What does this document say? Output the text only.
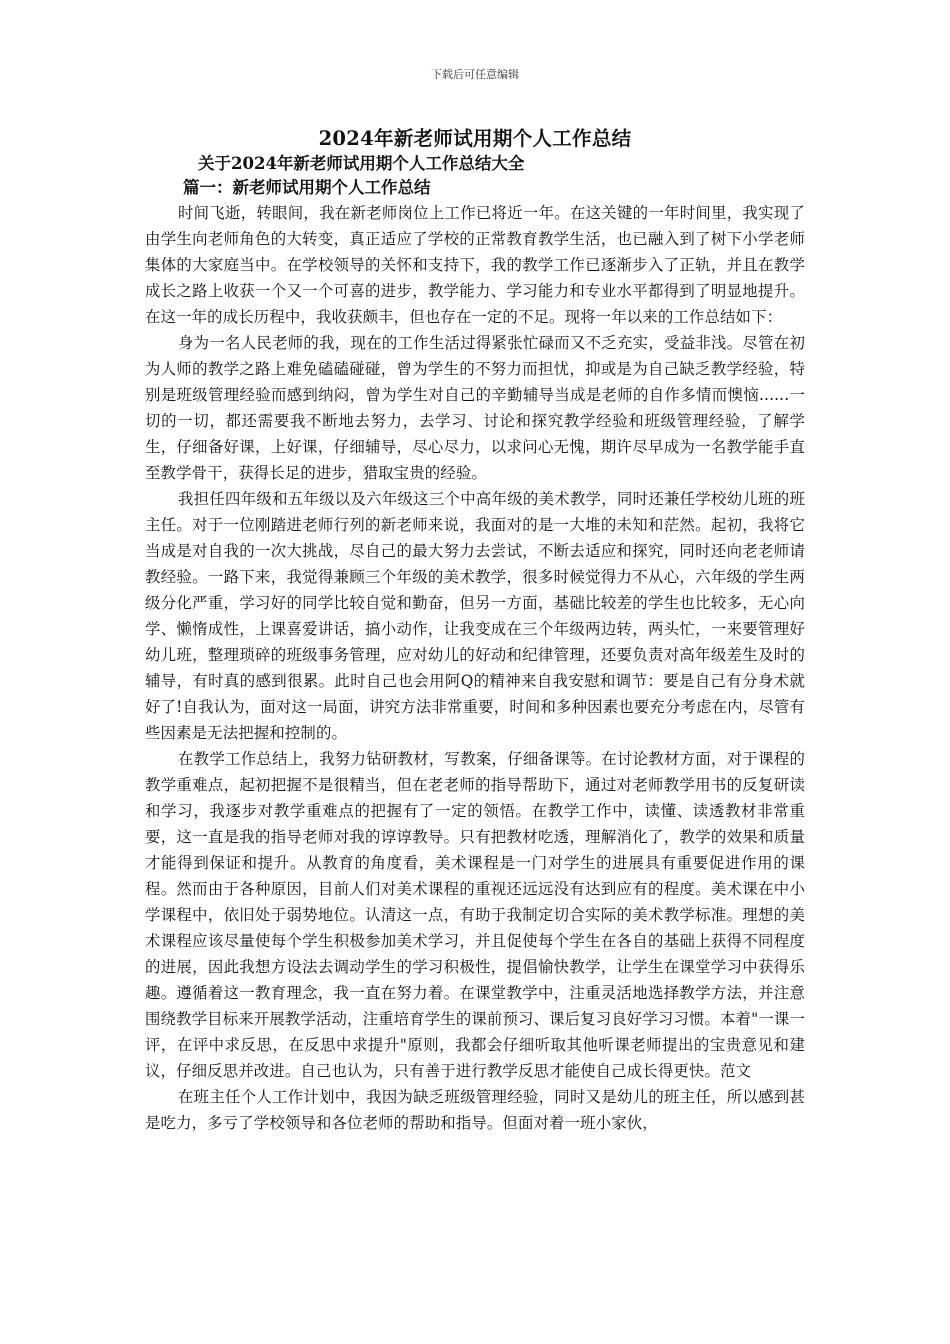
下载后可任意编辑
2024年新老师试用期个人工作总结
关于2024年新老师试用期个人工作总结大全
篇一：新老师试用期个人工作总结

时间飞逝，转眼间，我在新老师岗位上工作已将近一年。在这关键的一年时间里，我实现了由学生向老师角色的大转变，真正适应了学校的正常教育教学生活，也已融入到了树下小学老师集体的大家庭当中。在学校领导的关怀和支持下，我的教学工作已逐渐步入了正轨，并且在教学成长之路上收获一个又一个可喜的进步，教学能力、学习能力和专业水平都得到了明显地提升。在这一年的成长历程中，我收获颇丰，但也存在一定的不足。现将一年以来的工作总结如下：

身为一名人民老师的我，现在的工作生活过得紧张忙碌而又不乏充实，受益非浅。尽管在初为人师的教学之路上难免磕磕碰碰，曾为学生的不努力而担忧，抑或是为自己缺乏教学经验，特别是班级管理经验而感到纳闷，曾为学生对自己的辛勤辅导当成是老师的自作多情而懊恼......一切的一切，都还需要我不断地去努力，去学习、讨论和探究教学经验和班级管理经验，了解学生，仔细备好课，上好课，仔细辅导，尽心尽力，以求问心无愧，期许尽早成为一名教学能手直至教学骨干，获得长足的进步，猎取宝贵的经验。

我担任四年级和五年级以及六年级这三个中高年级的美术教学，同时还兼任学校幼儿班的班主任。对于一位刚踏进老师行列的新老师来说，我面对的是一大堆的未知和茫然。起初，我将它当成是对自我的一次大挑战，尽自己的最大努力去尝试，不断去适应和探究，同时还向老老师请教经验。一路下来，我觉得兼顾三个年级的美术教学，很多时候觉得力不从心，六年级的学生两级分化严重，学习好的同学比较自觉和勤奋，但另一方面，基础比较差的学生也比较多，无心向学、懒惰成性，上课喜爱讲话，搞小动作，让我变成在三个年级两边转，两头忙，一来要管理好幼儿班，整理琐碎的班级事务管理，应对幼儿的好动和纪律管理，还要负责对高年级差生及时的辅导，有时真的感到很累。此时自己也会用阿Q的精神来自我安慰和调节：要是自己有分身术就好了!自我认为，面对这一局面，讲究方法非常重要，时间和多种因素也要充分考虑在内，尽管有些因素是无法把握和控制的。

在教学工作总结上，我努力钻研教材，写教案，仔细备课等。在讨论教材方面，对于课程的教学重难点，起初把握不是很精当，但在老老师的指导帮助下，通过对老师教学用书的反复研读和学习，我逐步对教学重难点的把握有了一定的领悟。在教学工作中，读懂、读透教材非常重要，这一直是我的指导老师对我的谆谆教导。只有把教材吃透，理解消化了，教学的效果和质量才能得到保证和提升。从教育的角度看，美术课程是一门对学生的进展具有重要促进作用的课程。然而由于各种原因，目前人们对美术课程的重视还远远没有达到应有的程度。美术课在中小学课程中，依旧处于弱势地位。认清这一点，有助于我制定切合实际的美术教学标准。理想的美术课程应该尽量使每个学生积极参加美术学习，并且促使每个学生在各自的基础上获得不同程度的进展，因此我想方设法去调动学生的学习积极性，提倡愉快教学，让学生在课堂学习中获得乐趣。遵循着这一教育理念，我一直在努力着。在课堂教学中，注重灵活地选择教学方法，并注意围绕教学目标来开展教学活动，注重培育学生的课前预习、课后复习良好学习习惯。本着"一课一评，在评中求反思，在反思中求提升"原则，我都会仔细听取其他听课老师提出的宝贵意见和建议，仔细反思并改进。自己也认为，只有善于进行教学反思才能使自己成长得更快。范文

在班主任个人工作计划中，我因为缺乏班级管理经验，同时又是幼儿的班主任，所以感到甚是吃力，多亏了学校领导和各位老师的帮助和指导。但面对着一班小家伙，
